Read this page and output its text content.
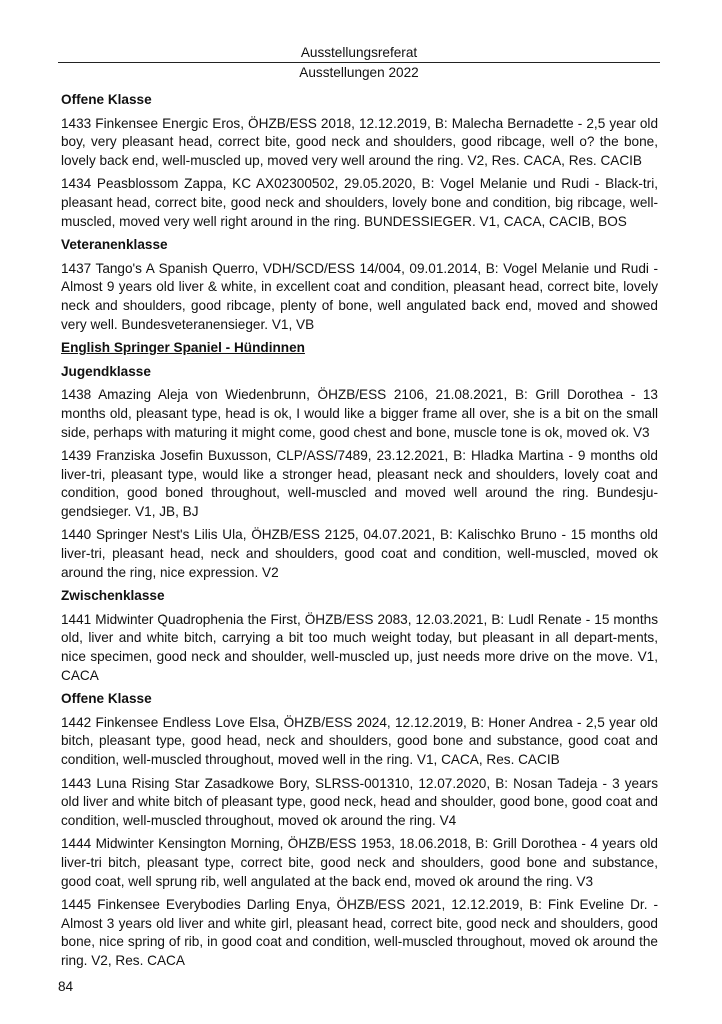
Ausstellungsreferat
Ausstellungen 2022
Offene Klasse
1433 Finkensee Energic Eros, ÖHZB/ESS 2018, 12.12.2019, B: Malecha Bernadette - 2,5 year old boy, very pleasant head, correct bite, good neck and shoulders, good ribcage, well o? the bone, lovely back end, well-muscled up, moved very well around the ring. V2, Res. CACA, Res. CACIB
1434 Peasblossom Zappa, KC AX02300502, 29.05.2020, B: Vogel Melanie und Rudi - Black-tri, pleasant head, correct bite, good neck and shoulders, lovely bone and condition, big ribcage, well-muscled, moved very well right around in the ring. BUNDESSIEGER. V1, CACA, CACIB, BOS
Veteranenklasse
1437 Tango's A Spanish Querro, VDH/SCD/ESS 14/004, 09.01.2014, B: Vogel Melanie und Rudi - Almost 9 years old liver & white, in excellent coat and condition, pleasant head, correct bite, lovely neck and shoulders, good ribcage, plenty of bone, well angulated back end, moved and showed very well. Bundesveteranensieger. V1, VB
English Springer Spaniel - Hündinnen
Jugendklasse
1438 Amazing Aleja von Wiedenbrunn, ÖHZB/ESS 2106, 21.08.2021, B: Grill Dorothea - 13 months old, pleasant type, head is ok, I would like a bigger frame all over, she is a bit on the small side, perhaps with maturing it might come, good chest and bone, muscle tone is ok, moved ok. V3
1439 Franziska Josefin Buxusson, CLP/ASS/7489, 23.12.2021, B: Hladka Martina - 9 months old liver-tri, pleasant type, would like a stronger head, pleasant neck and shoulders, lovely coat and condition, good boned throughout, well-muscled and moved well around the ring. Bundesju-gendsieger. V1, JB, BJ
1440 Springer Nest's Lilis Ula, ÖHZB/ESS 2125, 04.07.2021, B: Kalischko Bruno - 15 months old liver-tri, pleasant head, neck and shoulders, good coat and condition, well-muscled, moved ok around the ring, nice expression. V2
Zwischenklasse
1441 Midwinter Quadrophenia the First, ÖHZB/ESS 2083, 12.03.2021, B: Ludl Renate - 15 months old, liver and white bitch, carrying a bit too much weight today, but pleasant in all depart-ments, nice specimen, good neck and shoulder, well-muscled up, just needs more drive on the move. V1, CACA
Offene Klasse
1442 Finkensee Endless Love Elsa, ÖHZB/ESS 2024, 12.12.2019, B: Honer Andrea - 2,5 year old bitch, pleasant type, good head, neck and shoulders, good bone and substance, good coat and condition, well-muscled throughout, moved well in the ring. V1, CACA, Res. CACIB
1443 Luna Rising Star Zasadkowe Bory, SLRSS-001310, 12.07.2020, B: Nosan Tadeja - 3 years old liver and white bitch of pleasant type, good neck, head and shoulder, good bone, good coat and condition, well-muscled throughout, moved ok around the ring. V4
1444 Midwinter Kensington Morning, ÖHZB/ESS 1953, 18.06.2018, B: Grill Dorothea - 4 years old liver-tri bitch, pleasant type, correct bite, good neck and shoulders, good bone and substance, good coat, well sprung rib, well angulated at the back end, moved ok around the ring. V3
1445 Finkensee Everybodies Darling Enya, ÖHZB/ESS 2021, 12.12.2019, B: Fink Eveline Dr. - Almost 3 years old liver and white girl, pleasant head, correct bite, good neck and shoulders, good bone, nice spring of rib, in good coat and condition, well-muscled throughout, moved ok around the ring. V2, Res. CACA
84
